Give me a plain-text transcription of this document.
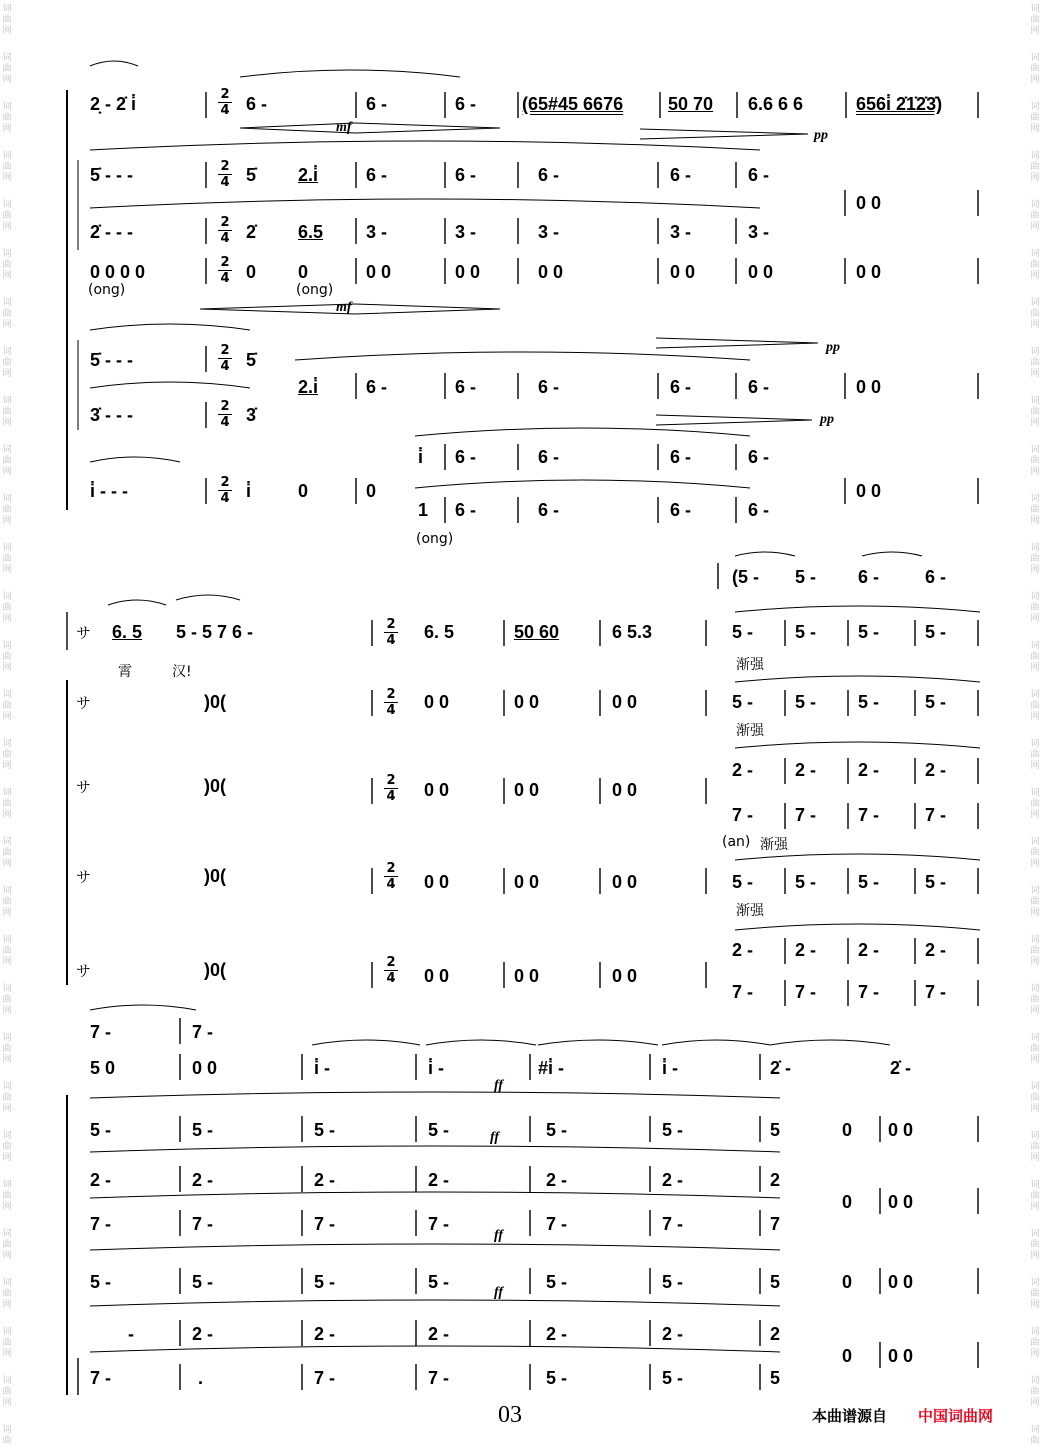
词
曲
网
词
曲
网
词
曲
网
词
曲
网
词
曲
网
词
曲
网
词
曲
网
词
曲
网
词
曲
网
词
曲
网
词
曲
网
词
曲
网
词
曲
网
词
曲
网
词
曲
网
词
曲
网
词
曲
网
词
曲
网
词
曲
网
词
曲
网
词
曲
网
词
曲
网
词
曲
网
词
曲
网
词
曲
网
词
曲
网
词
曲
网
词
曲
网
词
曲
网
词
曲
词
曲
网
词
曲
网
词
曲
网
词
曲
网
词
曲
网
词
曲
网
词
曲
网
词
曲
网
词
曲
网
词
曲
网
词
曲
网
词
曲
网
词
曲
网
词
曲
网
词
曲
网
词
曲
网
词
曲
网
词
曲
网
词
曲
网
词
曲
网
词
曲
网
词
曲
网
词
曲
网
词
曲
网
词
曲
网
词
曲
网
词
曲
网
词
曲
网
词
曲
网
词
曲
2̣ - 2̇ i̇	6 -	6 -	6 -	(65#45 6676 50 70 6.6 6 6	656i̇ 2̇1̇2̇3̇)
2
4
mf
pp
5̇ - - -	5̇ 2.i̇	6 -	6 -	6 -	6 -	6 -
0 0
2
4
2̇ - - -	2̇ 6.5 3 -	3 -	3 -	3 -	3 -
2
4
0 0 0 0	0 0	0 0	0 0	0 0	0 0	0 0	0 0
2
4
(ong)	(ong)
mf
5̇ - - -	5̇
2.i̇	6 -	6 -	6 -	6 -	6 -	0 0
2
4
pp
3̇ - - -	3̇
2
4	pp
i̇ - - -	i̇	0	0
i̇ 6 -	6 -	6 -	6 -
0 0
2
4
1 6 -	6 -	6 -	6 -
(ong)
(5 - 5 - 6 -	6 -
サ 6. 5 5 - 5 7 6 -	2
4 6. 5	50 60	6 5.3	5 - 5 - 5 -	5 -
霄	汉!	渐强
サ	)0(	2
4 0 0	0 0	0 0	5 - 5 - 5 -	5 -
渐强
サ	)0(	2
4 0 0	0 0	0 0
2 - 2 - 2 -	2 -
7 - 7 - 7 -	7 -
(an) 渐强
サ	)0(	2
4 0 0	0 0	0 0	5 - 5 - 5 -	5 -
渐强
サ	)0(	2
4 0 0	0 0	0 0
2 - 2 - 2 -	2 -
7 - 7 - 7 -	7 -
7 -	7 -
5 0	0 0	i̇ -	i̇ -	#i̇ -	i̇ -	2̇ -	2̇ -
ff
5 -	5 -	5 -	5 -	5 -	5 -	5	0 0 0
ff
2 -	2 -	2 -	2 -	2 -	2 -	2
7 -	7 -	7 -	7 -	7 -	7 -	7
0 0 0
ff
5 -	5 -	5 -	5 -	5 -	5 -	5	0 0 0
ff
-	2 -	2 -	2 -	2 -	2 -	2
7 -	.	7 -	7 -	5 -	5 -	5
0 0 0
03	本曲谱源自 中国词曲网
